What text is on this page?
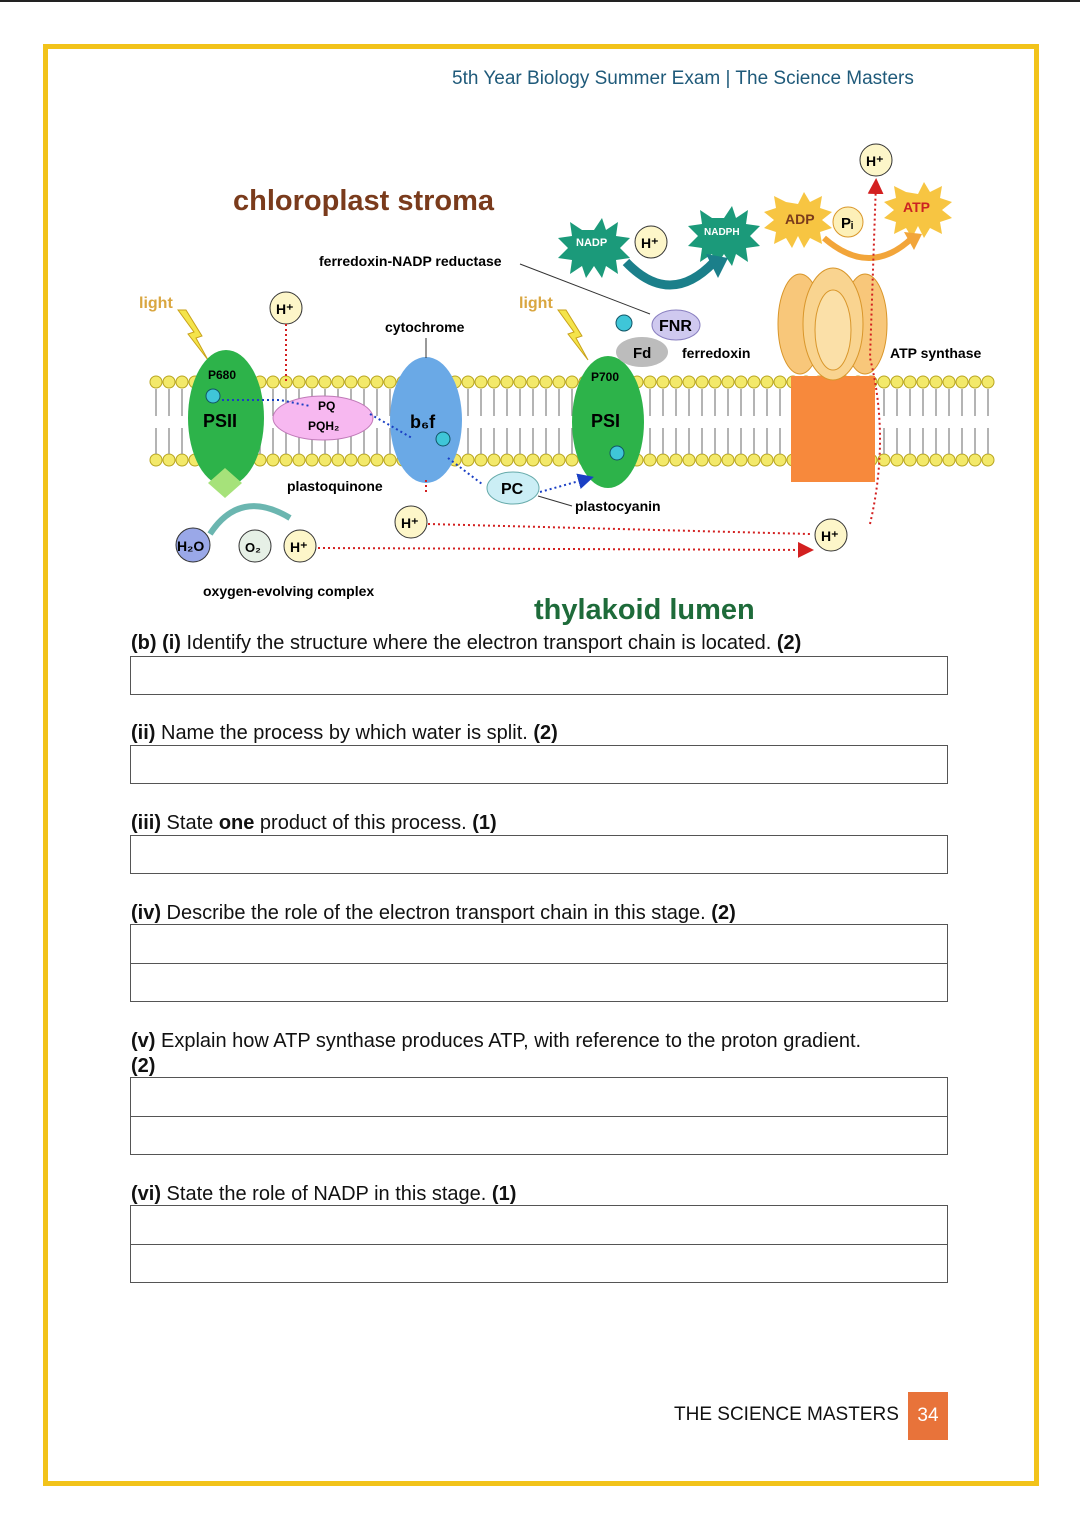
5th Year Biology Summer Exam | The Science Masters
chloroplast stroma
thylakoid lumen
light	light
P680
PSII
PQ
PQH₂
plastoquinone
b₆f
cytochrome
PC
plastocyanin
P700
PSI
Fd ferredoxin
FNR
ferredoxin-NADP reductase
NADP
NADPH
ATP synthase
ADP Pᵢ
ATP
H⁺
H⁺
H⁺
H⁺
H⁺
H⁺
H₂O	O₂
oxygen-evolving complex
(b) (i) Identify the structure where the electron transport chain is located. (2)
(ii) Name the process by which water is split. (2)
(iii) State one product of this process. (1)
(iv) Describe the role of the electron transport chain in this stage. (2)
(v) Explain how ATP synthase produces ATP, with reference to the proton gradient.
(2)
(vi) State the role of NADP in this stage. (1)
THE SCIENCE MASTERS 34
